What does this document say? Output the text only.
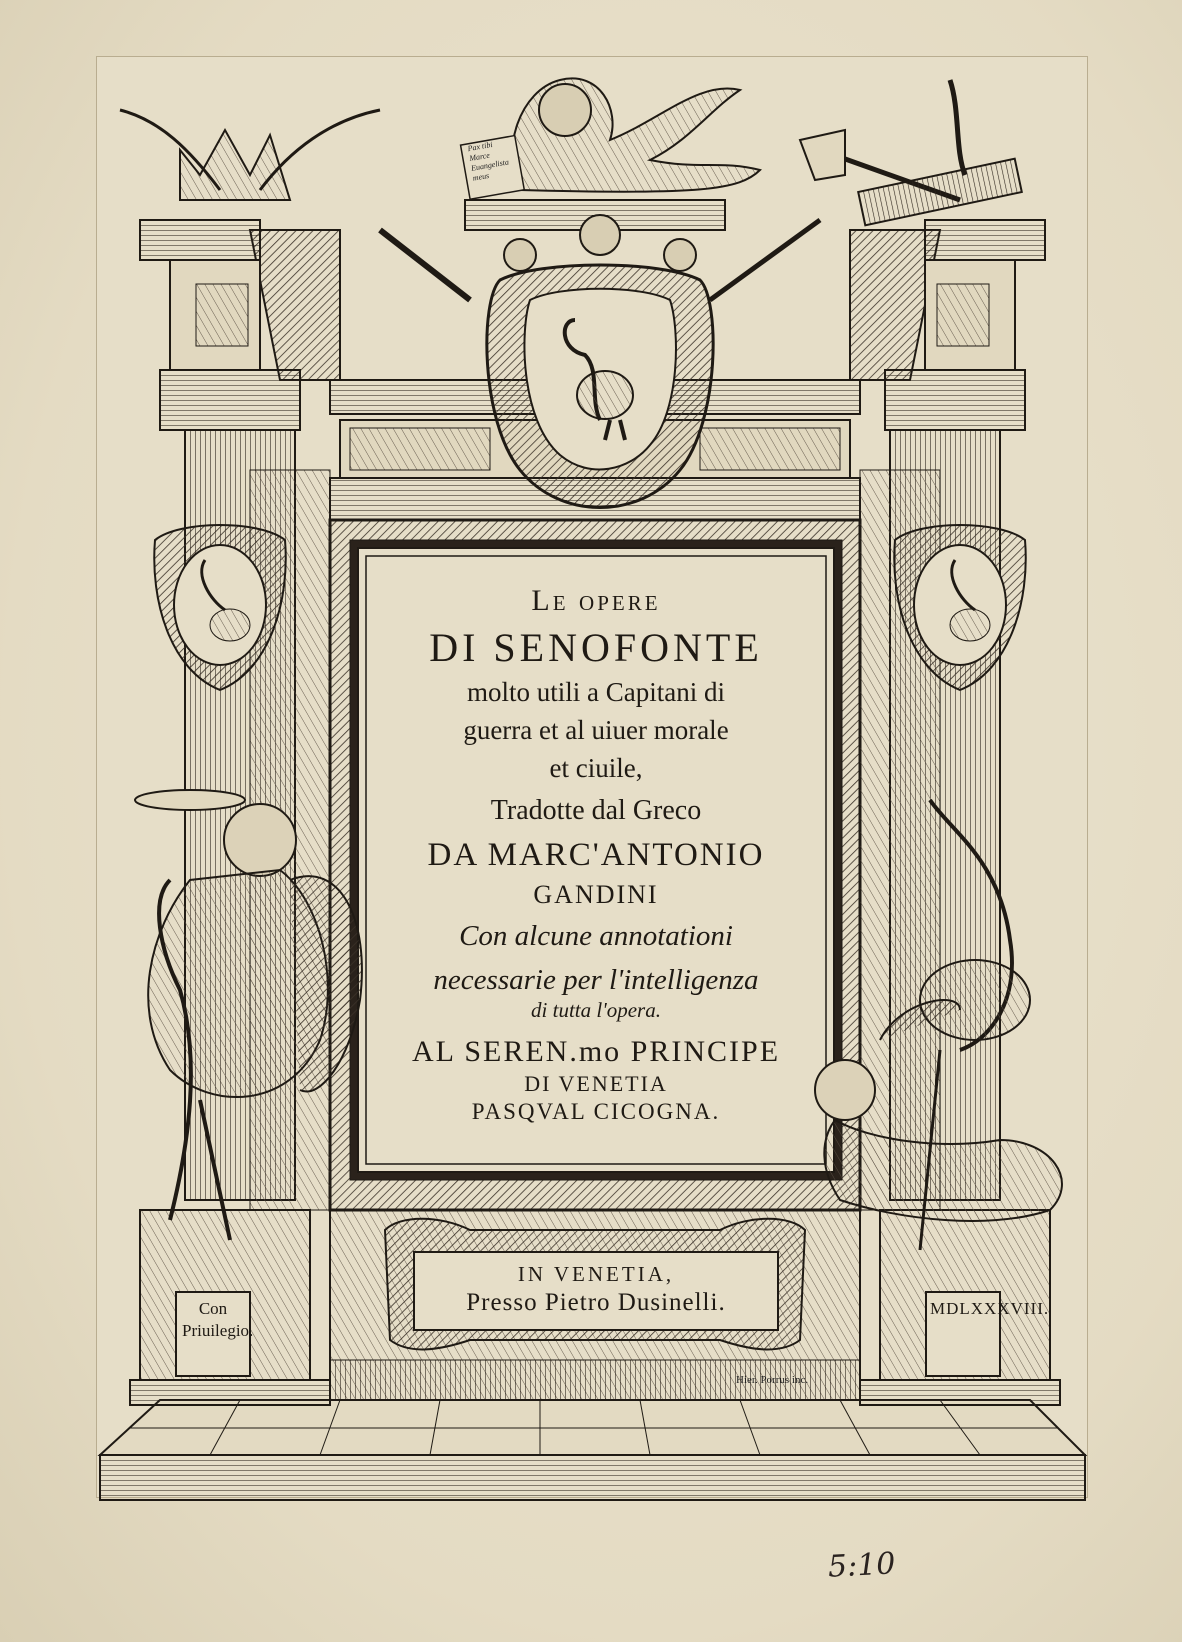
Le opere
DI SENOFONTE
molto utili a Capitani di
guerra et al uiuer morale
et ciuile,
Tradotte dal Greco
DA MARC'ANTONIO
GANDINI
Con alcune annotationi
necessarie per l'intelligenza
di tutta l'opera.
AL SEREN.mo PRINCIPE
DI VENETIA
PASQVAL CICOGNA.
IN VENETIA,
Presso Pietro Dusinelli.
Con Priuilegio.
MDLXXXVIII.
Hier. Porrus inc.
Pax tibi Marce Euangelista meus
5:10
